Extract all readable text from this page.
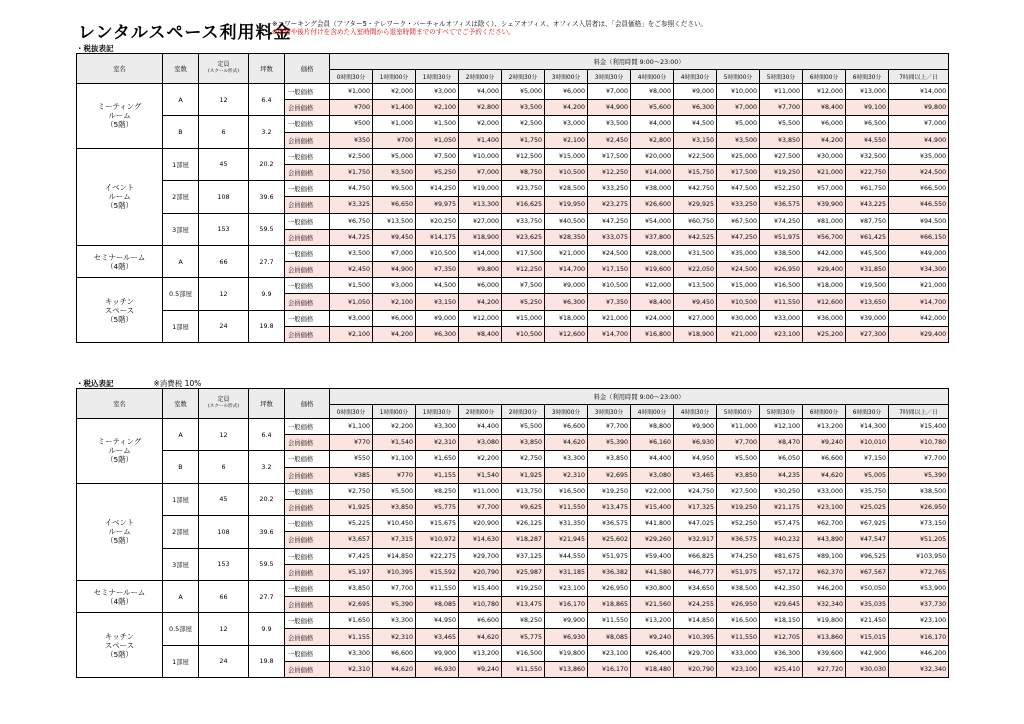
レンタルスペース利用料金
※コワーキング会員（アフター5・テレワーク・バーチャルオフィスは除く）、シェアオフィス、オフィス入居者は、「会員価格」をご参照ください。
※準備や後片付けを含めた入室時間から退室時間までのすべてでご予約ください。
・税抜表記
室名	室数	定員
(スクール形式)	坪数	価格	料金（利用時間 9:00〜23:00）													
					0時間30分	1時間00分	1時間30分	2時間00分	2時間30分	3時間00分	3時間30分	4時間00分	4時間30分	5時間00分	5時間30分	6時間00分	6時間30分	7時間以上／日

ミーティング
ルーム
（5階）	A	12	6.4	一般価格	¥1,000	¥2,000	¥3,000	¥4,000	¥5,000	¥6,000	¥7,000	¥8,000	¥9,000	¥10,000	¥11,000	¥12,000	¥13,000	¥14,000
				会員価格	¥700	¥1,400	¥2,100	¥2,800	¥3,500	¥4,200	¥4,900	¥5,600	¥6,300	¥7,000	¥7,700	¥8,400	¥9,100	¥9,800
	B	6	3.2	一般価格	¥500	¥1,000	¥1,500	¥2,000	¥2,500	¥3,000	¥3,500	¥4,000	¥4,500	¥5,000	¥5,500	¥6,000	¥6,500	¥7,000
				会員価格	¥350	¥700	¥1,050	¥1,400	¥1,750	¥2,100	¥2,450	¥2,800	¥3,150	¥3,500	¥3,850	¥4,200	¥4,550	¥4,900

イベント
ルーム
（5階）	1部屋	45	20.2	一般価格	¥2,500	¥5,000	¥7,500	¥10,000	¥12,500	¥15,000	¥17,500	¥20,000	¥22,500	¥25,000	¥27,500	¥30,000	¥32,500	¥35,000
				会員価格	¥1,750	¥3,500	¥5,250	¥7,000	¥8,750	¥10,500	¥12,250	¥14,000	¥15,750	¥17,500	¥19,250	¥21,000	¥22,750	¥24,500
	2部屋	108	39.6	一般価格	¥4,750	¥9,500	¥14,250	¥19,000	¥23,750	¥28,500	¥33,250	¥38,000	¥42,750	¥47,500	¥52,250	¥57,000	¥61,750	¥66,500
				会員価格	¥3,325	¥6,650	¥9,975	¥13,300	¥16,625	¥19,950	¥23,275	¥26,600	¥29,925	¥33,250	¥36,575	¥39,900	¥43,225	¥46,550
	3部屋	153	59.5	一般価格	¥6,750	¥13,500	¥20,250	¥27,000	¥33,750	¥40,500	¥47,250	¥54,000	¥60,750	¥67,500	¥74,250	¥81,000	¥87,750	¥94,500
				会員価格	¥4,725	¥9,450	¥14,175	¥18,900	¥23,625	¥28,350	¥33,075	¥37,800	¥42,525	¥47,250	¥51,975	¥56,700	¥61,425	¥66,150

セミナールーム
（4階）	A	66	27.7	一般価格	¥3,500	¥7,000	¥10,500	¥14,000	¥17,500	¥21,000	¥24,500	¥28,000	¥31,500	¥35,000	¥38,500	¥42,000	¥45,500	¥49,000
				会員価格	¥2,450	¥4,900	¥7,350	¥9,800	¥12,250	¥14,700	¥17,150	¥19,600	¥22,050	¥24,500	¥26,950	¥29,400	¥31,850	¥34,300

キッチン
スペース
（5階）	0.5部屋	12	9.9	一般価格	¥1,500	¥3,000	¥4,500	¥6,000	¥7,500	¥9,000	¥10,500	¥12,000	¥13,500	¥15,000	¥16,500	¥18,000	¥19,500	¥21,000
				会員価格	¥1,050	¥2,100	¥3,150	¥4,200	¥5,250	¥6,300	¥7,350	¥8,400	¥9,450	¥10,500	¥11,550	¥12,600	¥13,650	¥14,700
	1部屋	24	19.8	一般価格	¥3,000	¥6,000	¥9,000	¥12,000	¥15,000	¥18,000	¥21,000	¥24,000	¥27,000	¥30,000	¥33,000	¥36,000	¥39,000	¥42,000
				会員価格	¥2,100	¥4,200	¥6,300	¥8,400	¥10,500	¥12,600	¥14,700	¥16,800	¥18,900	¥21,000	¥23,100	¥25,200	¥27,300	¥29,400
・税込表記	※消費税 10%
室名	室数	定員
(スクール形式)	坪数	価格	料金（利用時間 9:00〜23:00）													
					0時間30分	1時間00分	1時間30分	2時間00分	2時間30分	3時間00分	3時間30分	4時間00分	4時間30分	5時間00分	5時間30分	6時間00分	6時間30分	7時間以上／日

ミーティング
ルーム
（5階）	A	12	6.4	一般価格	¥1,100	¥2,200	¥3,300	¥4,400	¥5,500	¥6,600	¥7,700	¥8,800	¥9,900	¥11,000	¥12,100	¥13,200	¥14,300	¥15,400
				会員価格	¥770	¥1,540	¥2,310	¥3,080	¥3,850	¥4,620	¥5,390	¥6,160	¥6,930	¥7,700	¥8,470	¥9,240	¥10,010	¥10,780
	B	6	3.2	一般価格	¥550	¥1,100	¥1,650	¥2,200	¥2,750	¥3,300	¥3,850	¥4,400	¥4,950	¥5,500	¥6,050	¥6,600	¥7,150	¥7,700
				会員価格	¥385	¥770	¥1,155	¥1,540	¥1,925	¥2,310	¥2,695	¥3,080	¥3,465	¥3,850	¥4,235	¥4,620	¥5,005	¥5,390

イベント
ルーム
（5階）	1部屋	45	20.2	一般価格	¥2,750	¥5,500	¥8,250	¥11,000	¥13,750	¥16,500	¥19,250	¥22,000	¥24,750	¥27,500	¥30,250	¥33,000	¥35,750	¥38,500
				会員価格	¥1,925	¥3,850	¥5,775	¥7,700	¥9,625	¥11,550	¥13,475	¥15,400	¥17,325	¥19,250	¥21,175	¥23,100	¥25,025	¥26,950
	2部屋	108	39.6	一般価格	¥5,225	¥10,450	¥15,675	¥20,900	¥26,125	¥31,350	¥36,575	¥41,800	¥47,025	¥52,250	¥57,475	¥62,700	¥67,925	¥73,150
				会員価格	¥3,657	¥7,315	¥10,972	¥14,630	¥18,287	¥21,945	¥25,602	¥29,260	¥32,917	¥36,575	¥40,232	¥43,890	¥47,547	¥51,205
	3部屋	153	59.5	一般価格	¥7,425	¥14,850	¥22,275	¥29,700	¥37,125	¥44,550	¥51,975	¥59,400	¥66,825	¥74,250	¥81,675	¥89,100	¥96,525	¥103,950
				会員価格	¥5,197	¥10,395	¥15,592	¥20,790	¥25,987	¥31,185	¥36,382	¥41,580	¥46,777	¥51,975	¥57,172	¥62,370	¥67,567	¥72,765

セミナールーム
（4階）	A	66	27.7	一般価格	¥3,850	¥7,700	¥11,550	¥15,400	¥19,250	¥23,100	¥26,950	¥30,800	¥34,650	¥38,500	¥42,350	¥46,200	¥50,050	¥53,900
				会員価格	¥2,695	¥5,390	¥8,085	¥10,780	¥13,475	¥16,170	¥18,865	¥21,560	¥24,255	¥26,950	¥29,645	¥32,340	¥35,035	¥37,730

キッチン
スペース
（5階）	0.5部屋	12	9.9	一般価格	¥1,650	¥3,300	¥4,950	¥6,600	¥8,250	¥9,900	¥11,550	¥13,200	¥14,850	¥16,500	¥18,150	¥19,800	¥21,450	¥23,100
				会員価格	¥1,155	¥2,310	¥3,465	¥4,620	¥5,775	¥6,930	¥8,085	¥9,240	¥10,395	¥11,550	¥12,705	¥13,860	¥15,015	¥16,170
	1部屋	24	19.8	一般価格	¥3,300	¥6,600	¥9,900	¥13,200	¥16,500	¥19,800	¥23,100	¥26,400	¥29,700	¥33,000	¥36,300	¥39,600	¥42,900	¥46,200
				会員価格	¥2,310	¥4,620	¥6,930	¥9,240	¥11,550	¥13,860	¥16,170	¥18,480	¥20,790	¥23,100	¥25,410	¥27,720	¥30,030	¥32,340
